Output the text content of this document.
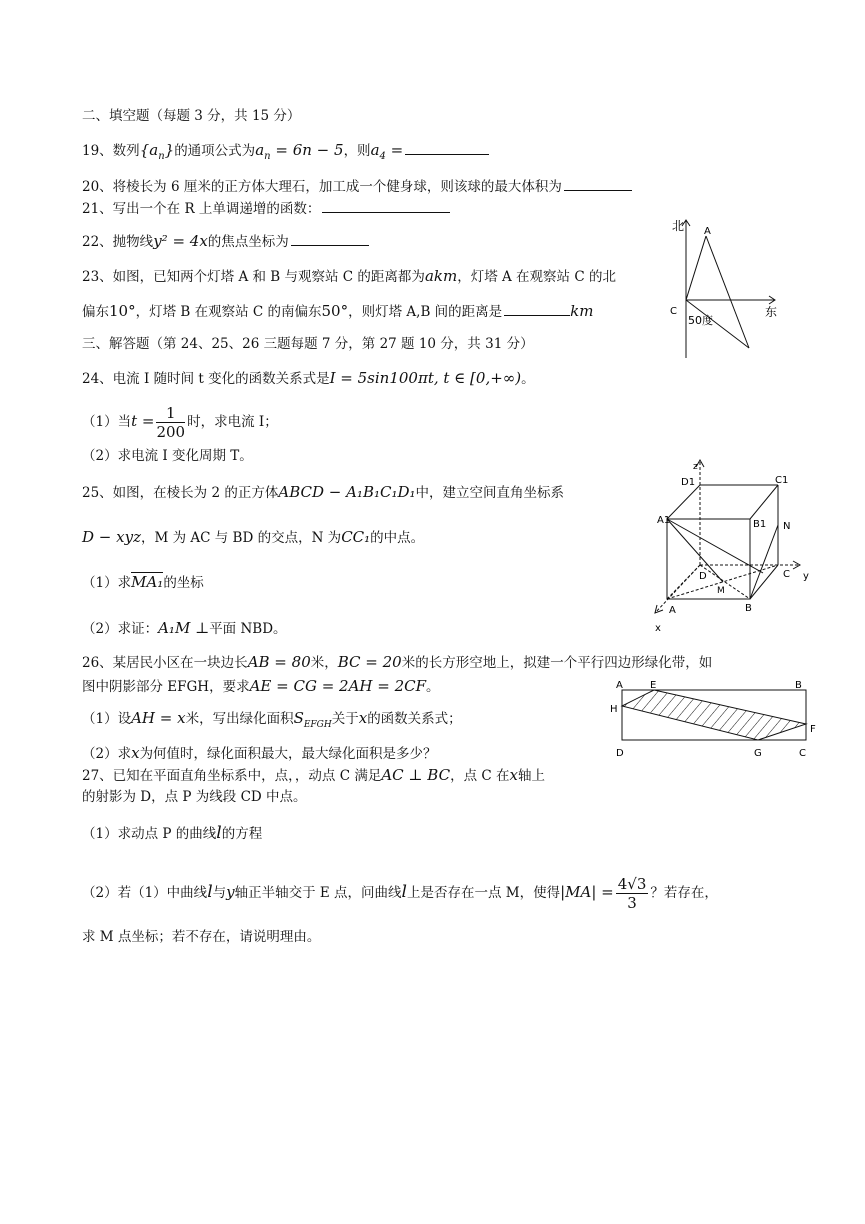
二、填空题（每题 3 分，共 15 分）
19、数列$\{a_n\}$的通项公式为$a_n = 6n - 5$，则$a_4$ =
20、将棱长为 6 厘米的正方体大理石，加工成一个健身球，则该球的最大体积为
21、写出一个在 R 上单调递增的函数：
22、抛物线y² = 4x的焦点坐标为
23、如图，已知两个灯塔 A 和 B 与观察站 C 的距离都为akm，灯塔 A 在观察站 C 的北
偏东10°，灯塔 B 在观察站 C 的南偏东50°，则灯塔 A,B 间的距离是	km
北 A
C
50度
东
三、解答题（第 24、25、26 三题每题 7 分，第 27 题 10 分，共 31 分）
24、电流 I 随时间 t 变化的函数关系式是I = 5sin100πt, t ∈ [0,+∞)。
（1）当$t = \frac{1}{200}$ 时，求电流 I；
（2）求电流 I 变化周期 T。
25、如图，在棱长为 2 的正方体ABCD − A₁B₁C₁D₁中，建立空间直角坐标系
D − xyz，M 为 AC 与 BD 的交点，N 为CC₁的中点。
（1）求MA₁的坐标
（2）求证：A₁M ⊥平面 NBD。
z
y
x
D1	C1
A1	B1 N
D	C
M
A	B
26、某居民小区在一块边长AB = 80米，BC = 20米的长方形空地上，拟建一个平行四边形绿化带，如
图中阴影部分 EFGH，要求AE = CG = 2AH = 2CF。
（1）设AH = x米，写出绿化面积$S_{EFGH}$关于x的函数关系式；
（2）求x为何值时，绿化面积最大，最大绿化面积是多少？
A	E	B
H
F
D	G	C
27、已知在平面直角坐标系中，点，，动点 C 满足AC ⊥ BC，点 C 在x轴上
的射影为 D，点 P 为线段 CD 中点。
（1）求动点 P 的曲线l的方程
（2）若（1）中曲线l与y轴正半轴交于 E 点，问曲线l上是否存在一点 M，使得$|MA| = \frac{4√3}{3}$ ？若存在，
求 M 点坐标；若不存在，请说明理由。
